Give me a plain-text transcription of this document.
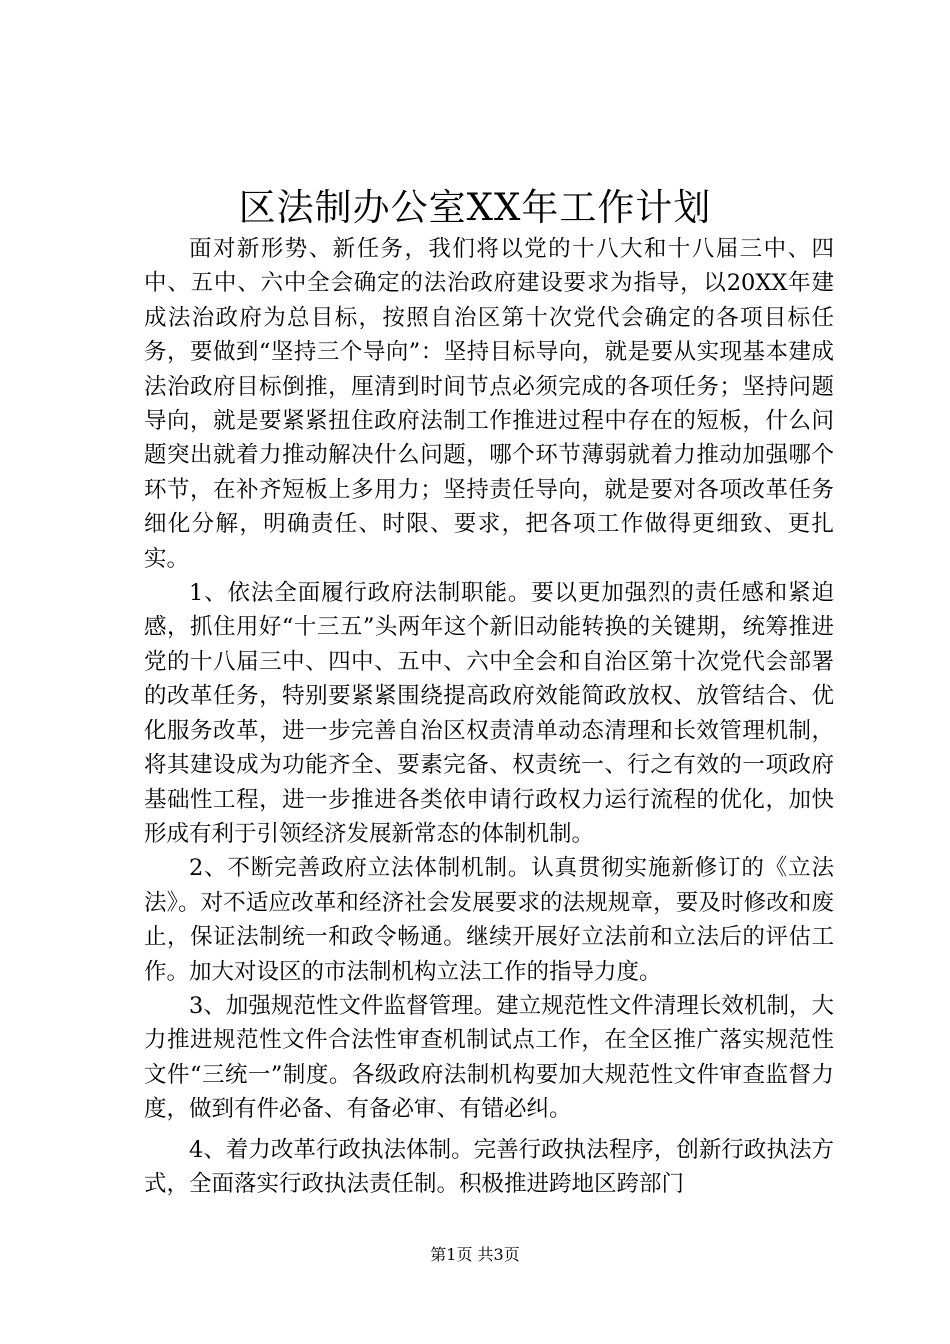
区法制办公室XX年工作计划

面对新形势、新任务，我们将以党的十八大和十八届三中、四中、五中、六中全会确定的法治政府建设要求为指导，以20XX年建成法治政府为总目标，按照自治区第十次党代会确定的各项目标任务，要做到“坚持三个导向”：坚持目标导向，就是要从实现基本建成法治政府目标倒推，厘清到时间节点必须完成的各项任务；坚持问题导向，就是要紧紧扭住政府法制工作推进过程中存在的短板，什么问题突出就着力推动解决什么问题，哪个环节薄弱就着力推动加强哪个环节，在补齐短板上多用力；坚持责任导向，就是要对各项改革任务细化分解，明确责任、时限、要求，把各项工作做得更细致、更扎实。

1、依法全面履行政府法制职能。要以更加强烈的责任感和紧迫感，抓住用好“十三五”头两年这个新旧动能转换的关键期，统筹推进党的十八届三中、四中、五中、六中全会和自治区第十次党代会部署的改革任务，特别要紧紧围绕提高政府效能简政放权、放管结合、优化服务改革，进一步完善自治区权责清单动态清理和长效管理机制，将其建设成为功能齐全、要素完备、权责统一、行之有效的一项政府基础性工程，进一步推进各类依申请行政权力运行流程的优化，加快形成有利于引领经济发展新常态的体制机制。

2、不断完善政府立法体制机制。认真贯彻实施新修订的《立法法》。对不适应改革和经济社会发展要求的法规规章，要及时修改和废止，保证法制统一和政令畅通。继续开展好立法前和立法后的评估工作。加大对设区的市法制机构立法工作的指导力度。

3、加强规范性文件监督管理。建立规范性文件清理长效机制，大力推进规范性文件合法性审查机制试点工作，在全区推广落实规范性文件“三统一”制度。各级政府法制机构要加大规范性文件审查监督力度，做到有件必备、有备必审、有错必纠。

4、着力改革行政执法体制。完善行政执法程序，创新行政执法方式，全面落实行政执法责任制。积极推进跨地区跨部门

第1页 共3页
